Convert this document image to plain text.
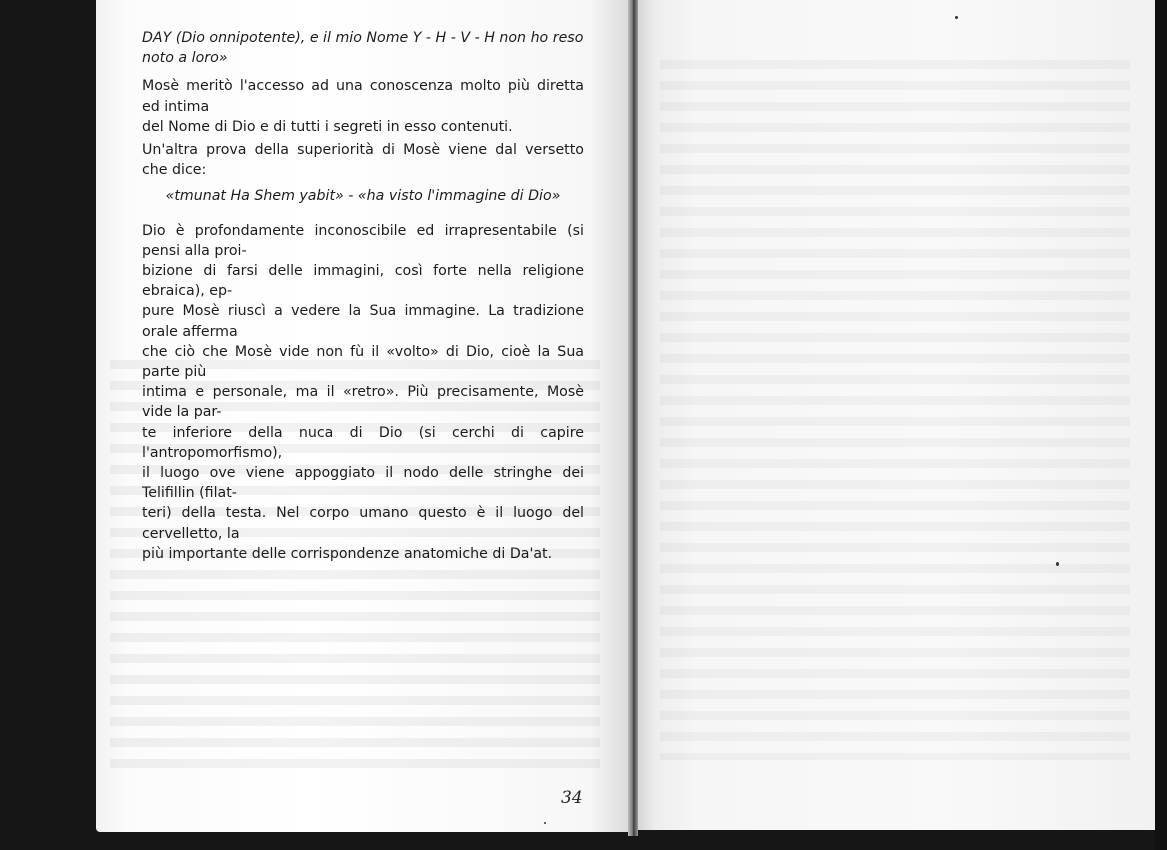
DAY (Dio onnipotente), e il mio Nome Y - H - V - H non ho reso

noto a loro»

Mosè meritò l'accesso ad una conoscenza molto più diretta ed intima

del Nome di Dio e di tutti i segreti in esso contenuti.

Un'altra prova della superiorità di Mosè viene dal versetto che dice:

«tmunat Ha Shem yabit» - «ha visto l'immagine di Dio»

Dio è profondamente inconoscibile ed irrapresentabile (si pensi alla proi-

bizione di farsi delle immagini, così forte nella religione ebraica), ep-

pure Mosè riuscì a vedere la Sua immagine. La tradizione orale afferma

che ciò che Mosè vide non fù il «volto» di Dio, cioè la Sua parte più

intima e personale, ma il «retro». Più precisamente, Mosè vide la par-

te inferiore della nuca di Dio (si cerchi di capire l'antropomorfismo),

il luogo ove viene appoggiato il nodo delle stringhe dei Telifillin (filat-

teri) della testa. Nel corpo umano questo è il luogo del cervelletto, la

più importante delle corrispondenze anatomiche di Da'at.

34
